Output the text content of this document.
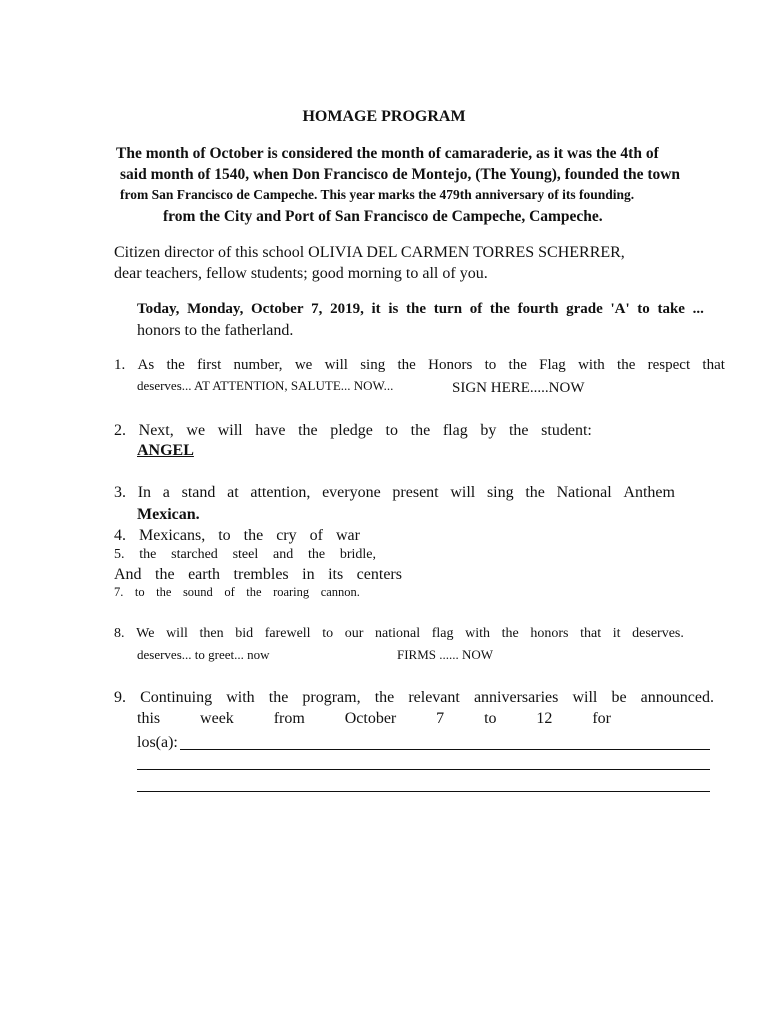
HOMAGE PROGRAM

The month of October is considered the month of camaraderie, as it was the 4th of

said month of 1540, when Don Francisco de Montejo, (The Young), founded the town

from San Francisco de Campeche. This year marks the 479th anniversary of its founding.

from the City and Port of San Francisco de Campeche, Campeche.

Citizen director of this school OLIVIA DEL CARMEN TORRES SCHERRER,

dear teachers, fellow students; good morning to all of you.

Today, Monday, October 7, 2019, it is the turn of the fourth grade 'A' to take ...

honors to the fatherland.

1. As the first number, we will sing the Honors to the Flag with the respect that

deserves... AT ATTENTION, SALUTE... NOW...	SIGN HERE.....NOW

2. Next, we will have the pledge to the flag by the student:

ANGEL

3. In a stand at attention, everyone present will sing the National Anthem

Mexican.

4. Mexicans, to the cry of war
5. the starched steel and the bridle,
And the earth trembles in its centers
7. to the sound of the roaring cannon.
8. We will then bid farewell to our national flag with the honors that it deserves.

deserves... to greet... now	FIRMS ...... NOW

9. Continuing with the program, the relevant anniversaries will be announced.
this week from October 7 to 12 for

los(a):
